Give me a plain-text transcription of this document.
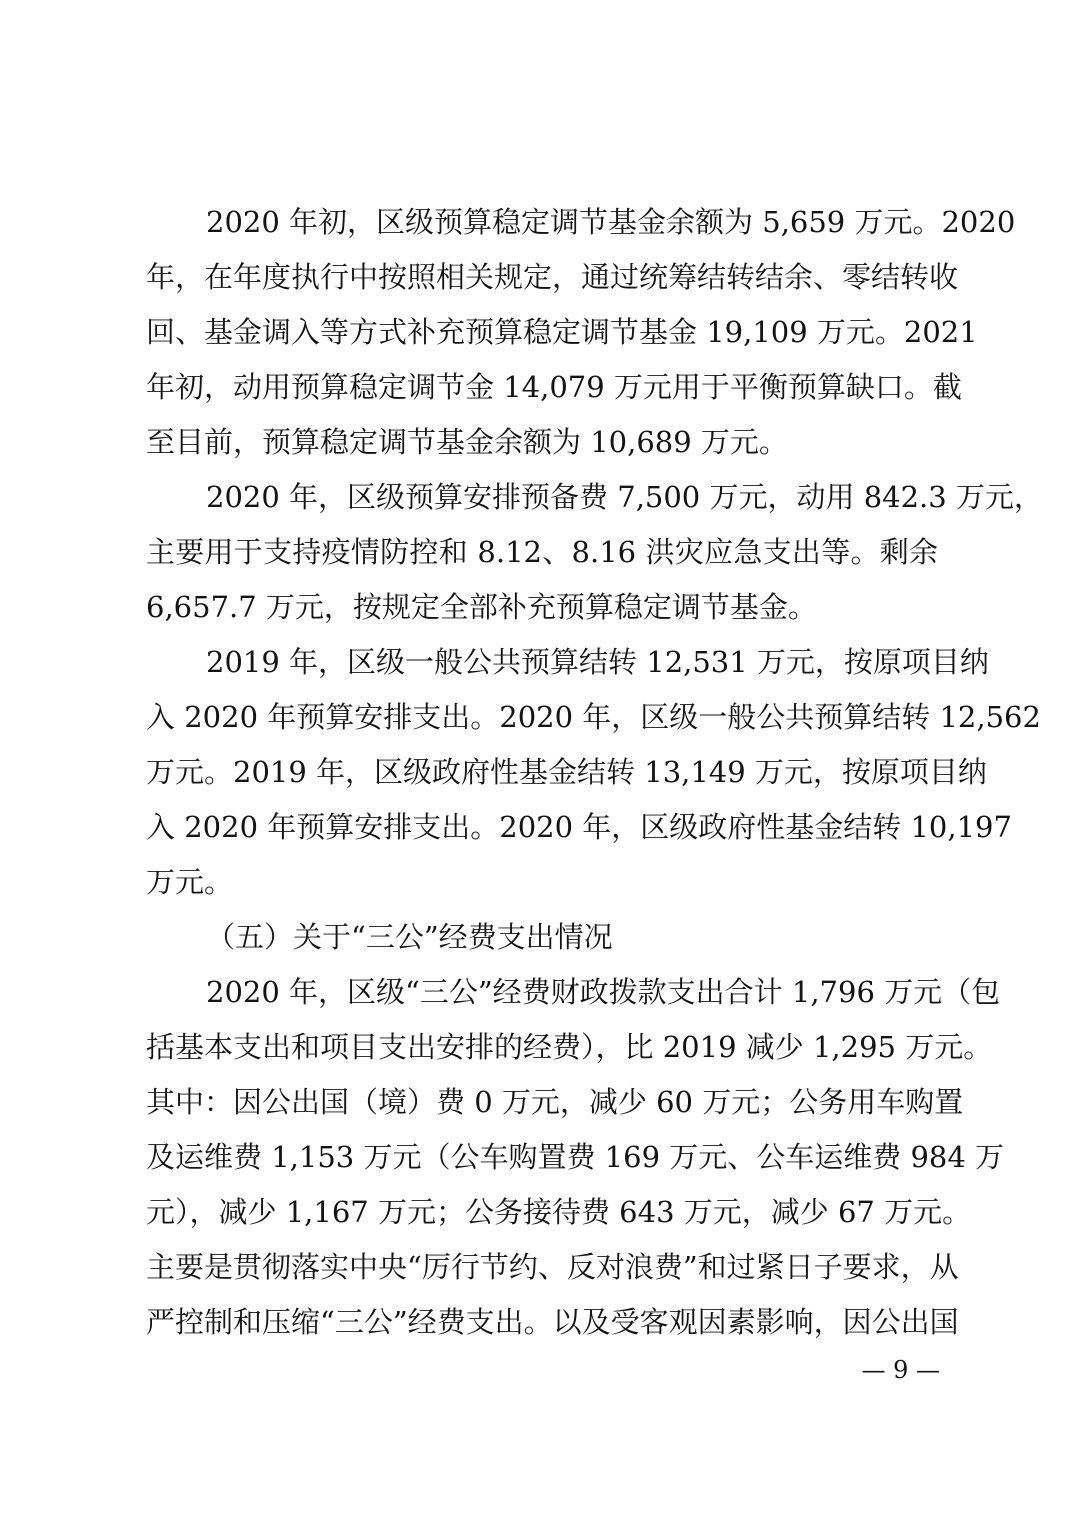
2020 年初，区级预算稳定调节基金余额为 5,659 万元。2020
年，在年度执行中按照相关规定，通过统筹结转结余、零结转收
回、基金调入等方式补充预算稳定调节基金 19,109 万元。2021
年初，动用预算稳定调节金 14,079 万元用于平衡预算缺口。截
至目前，预算稳定调节基金余额为 10,689 万元。
2020 年，区级预算安排预备费 7,500 万元，动用 842.3 万元，
主要用于支持疫情防控和 8.12、8.16 洪灾应急支出等。剩余
6,657.7 万元，按规定全部补充预算稳定调节基金。
2019 年，区级一般公共预算结转 12,531 万元，按原项目纳
入 2020 年预算安排支出。2020 年，区级一般公共预算结转 12,562
万元。2019 年，区级政府性基金结转 13,149 万元，按原项目纳
入 2020 年预算安排支出。2020 年，区级政府性基金结转 10,197
万元。
（五）关于“三公”经费支出情况
2020 年，区级“三公”经费财政拨款支出合计 1,796 万元（包
括基本支出和项目支出安排的经费），比 2019 减少 1,295 万元。
其中：因公出国（境）费 0 万元，减少 60 万元；公务用车购置
及运维费 1,153 万元（公车购置费 169 万元、公车运维费 984 万
元），减少 1,167 万元；公务接待费 643 万元，减少 67 万元。
主要是贯彻落实中央“厉行节约、反对浪费”和过紧日子要求，从
严控制和压缩“三公”经费支出。以及受客观因素影响，因公出国
— 9 —
